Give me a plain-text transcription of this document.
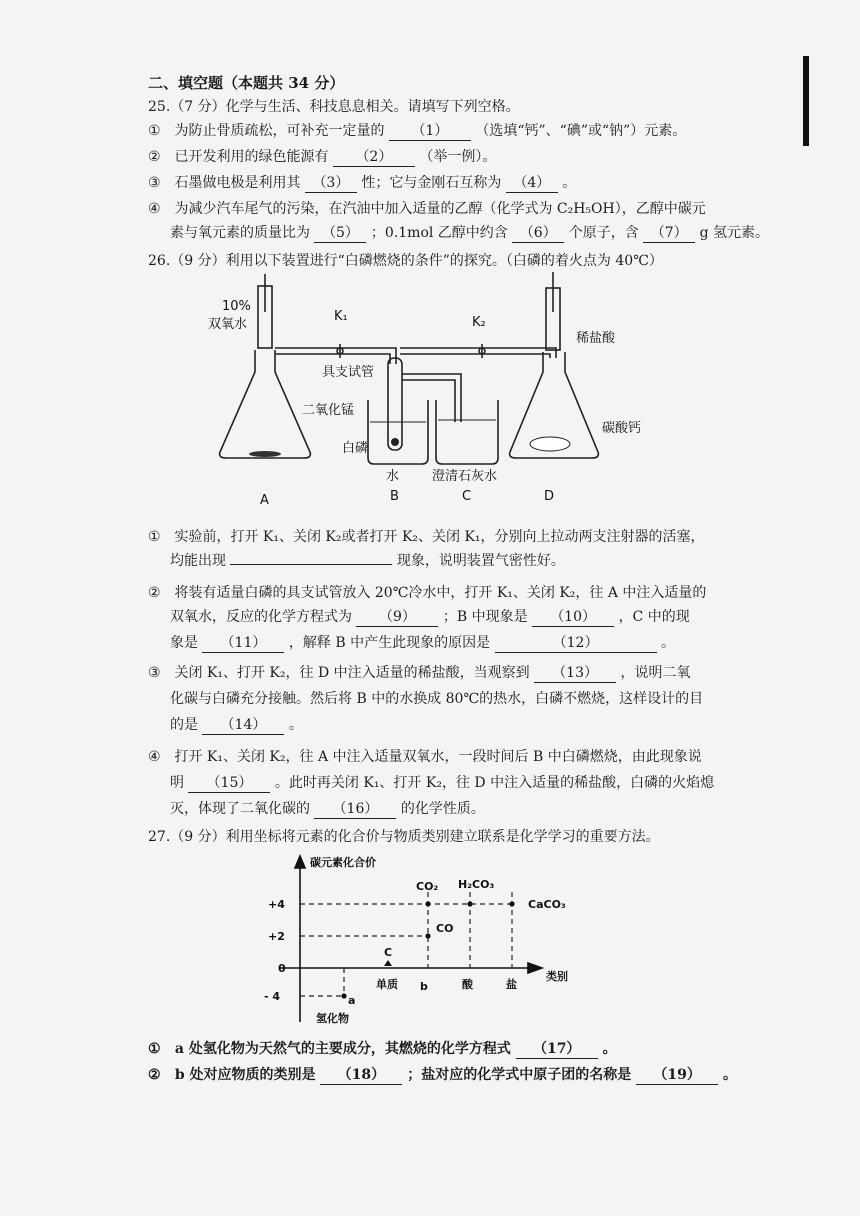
二、填空题（本题共 34 分）
25.（7 分）化学与生活、科技息息相关。请填写下列空格。
① 为防止骨质疏松，可补充一定量的 （1） （选填“钙”、“碘”或“钠”）元素。
② 已开发利用的绿色能源有 （2） （举一例）。
③ 石墨做电极是利用其 （3） 性；它与金刚石互称为 （4） 。
④ 为减少汽车尾气的污染，在汽油中加入适量的乙醇（化学式为 C₂H₅OH），乙醇中碳元
素与氧元素的质量比为 （5） ；0.1mol 乙醇中约含 （6） 个原子，含 （7） g 氢元素。
26.（9 分）利用以下装置进行“白磷燃烧的条件”的探究。（白磷的着火点为 40℃）
10%
双氧水
K₁	K₂
稀盐酸
具支试管
二氧化锰
白磷
水	澄清石灰水
碳酸钙
A	B	C	D
① 实验前，打开 K₁、关闭 K₂或者打开 K₂、关闭 K₁，分别向上拉动两支注射器的活塞，
均能出现	现象，说明装置气密性好。
② 将装有适量白磷的具支试管放入 20℃冷水中，打开 K₁、关闭 K₂，往 A 中注入适量的
双氧水，反应的化学方程式为 （9） ；B 中现象是 （10） ，C 中的现
象是 （11） ，解释 B 中产生此现象的原因是	（12）	。
③ 关闭 K₁、打开 K₂，往 D 中注入适量的稀盐酸，当观察到 （13） ，说明二氧
化碳与白磷充分接触。然后将 B 中的水换成 80℃的热水，白磷不燃烧，这样设计的目
的是 （14） 。
④ 打开 K₁、关闭 K₂，往 A 中注入适量双氧水，一段时间后 B 中白磷燃烧，由此现象说
明 （15） 。此时再关闭 K₁、打开 K₂，往 D 中注入适量的稀盐酸，白磷的火焰熄
灭，体现了二氧化碳的 （16） 的化学性质。
27.（9 分）利用坐标将元素的化合价与物质类别建立联系是化学学习的重要方法。
碳元素化合价
+4
+2
0
- 4
类别
氢化物
单质 b	酸	盐
a
C
CO
CO₂ H₂CO₃
CaCO₃
① a 处氢化物为天然气的主要成分，其燃烧的化学方程式 （17） 。
② b 处对应物质的类别是 （18） ；盐对应的化学式中原子团的名称是 （19） 。
